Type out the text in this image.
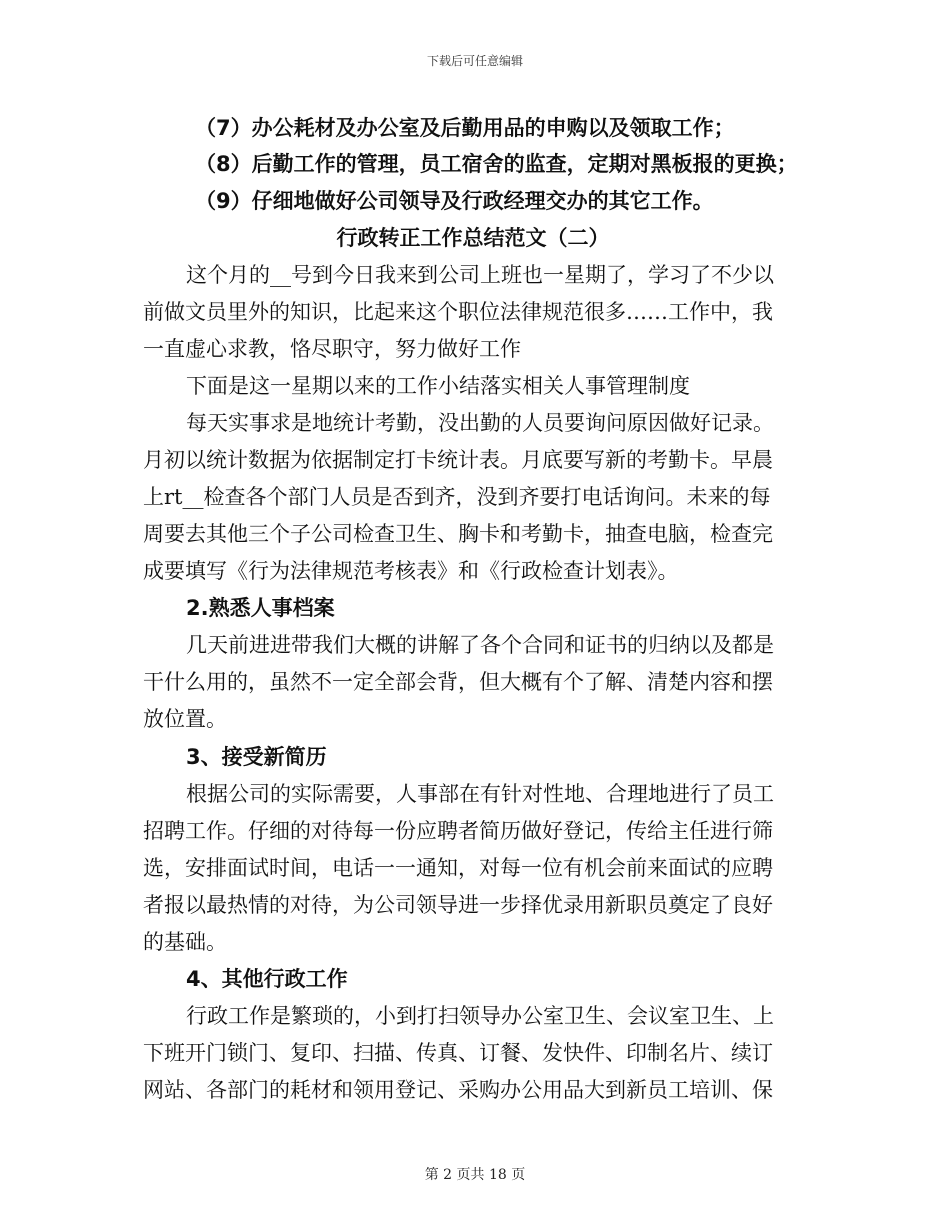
下载后可任意编辑
（7）办公耗材及办公室及后勤用品的申购以及领取工作；
（8）后勤工作的管理，员工宿舍的监查，定期对黑板报的更换；
（9）仔细地做好公司领导及行政经理交办的其它工作。
行政转正工作总结范文（二）
这个月的__号到今日我来到公司上班也一星期了，学习了不少以
前做文员里外的知识，比起来这个职位法律规范很多……工作中，我
一直虚心求教，恪尽职守，努力做好工作
下面是这一星期以来的工作小结落实相关人事管理制度
每天实事求是地统计考勤，没出勤的人员要询问原因做好记录。
月初以统计数据为依据制定打卡统计表。月底要写新的考勤卡。早晨
上rt__检查各个部门人员是否到齐，没到齐要打电话询问。未来的每
周要去其他三个子公司检查卫生、胸卡和考勤卡，抽查电脑，检查完
成要填写《行为法律规范考核表》和《行政检查计划表》。
2.熟悉人事档案
几天前进进带我们大概的讲解了各个合同和证书的归纳以及都是
干什么用的，虽然不一定全部会背，但大概有个了解、清楚内容和摆
放位置。
3、接受新简历
根据公司的实际需要，人事部在有针对性地、合理地进行了员工
招聘工作。仔细的对待每一份应聘者简历做好登记，传给主任进行筛
选，安排面试时间，电话一一通知，对每一位有机会前来面试的应聘
者报以最热情的对待，为公司领导进一步择优录用新职员奠定了良好
的基础。
4、其他行政工作
行政工作是繁琐的，小到打扫领导办公室卫生、会议室卫生、上
下班开门锁门、复印、扫描、传真、订餐、发快件、印制名片、续订
网站、各部门的耗材和领用登记、采购办公用品大到新员工培训、保
第 2 页共 18 页
